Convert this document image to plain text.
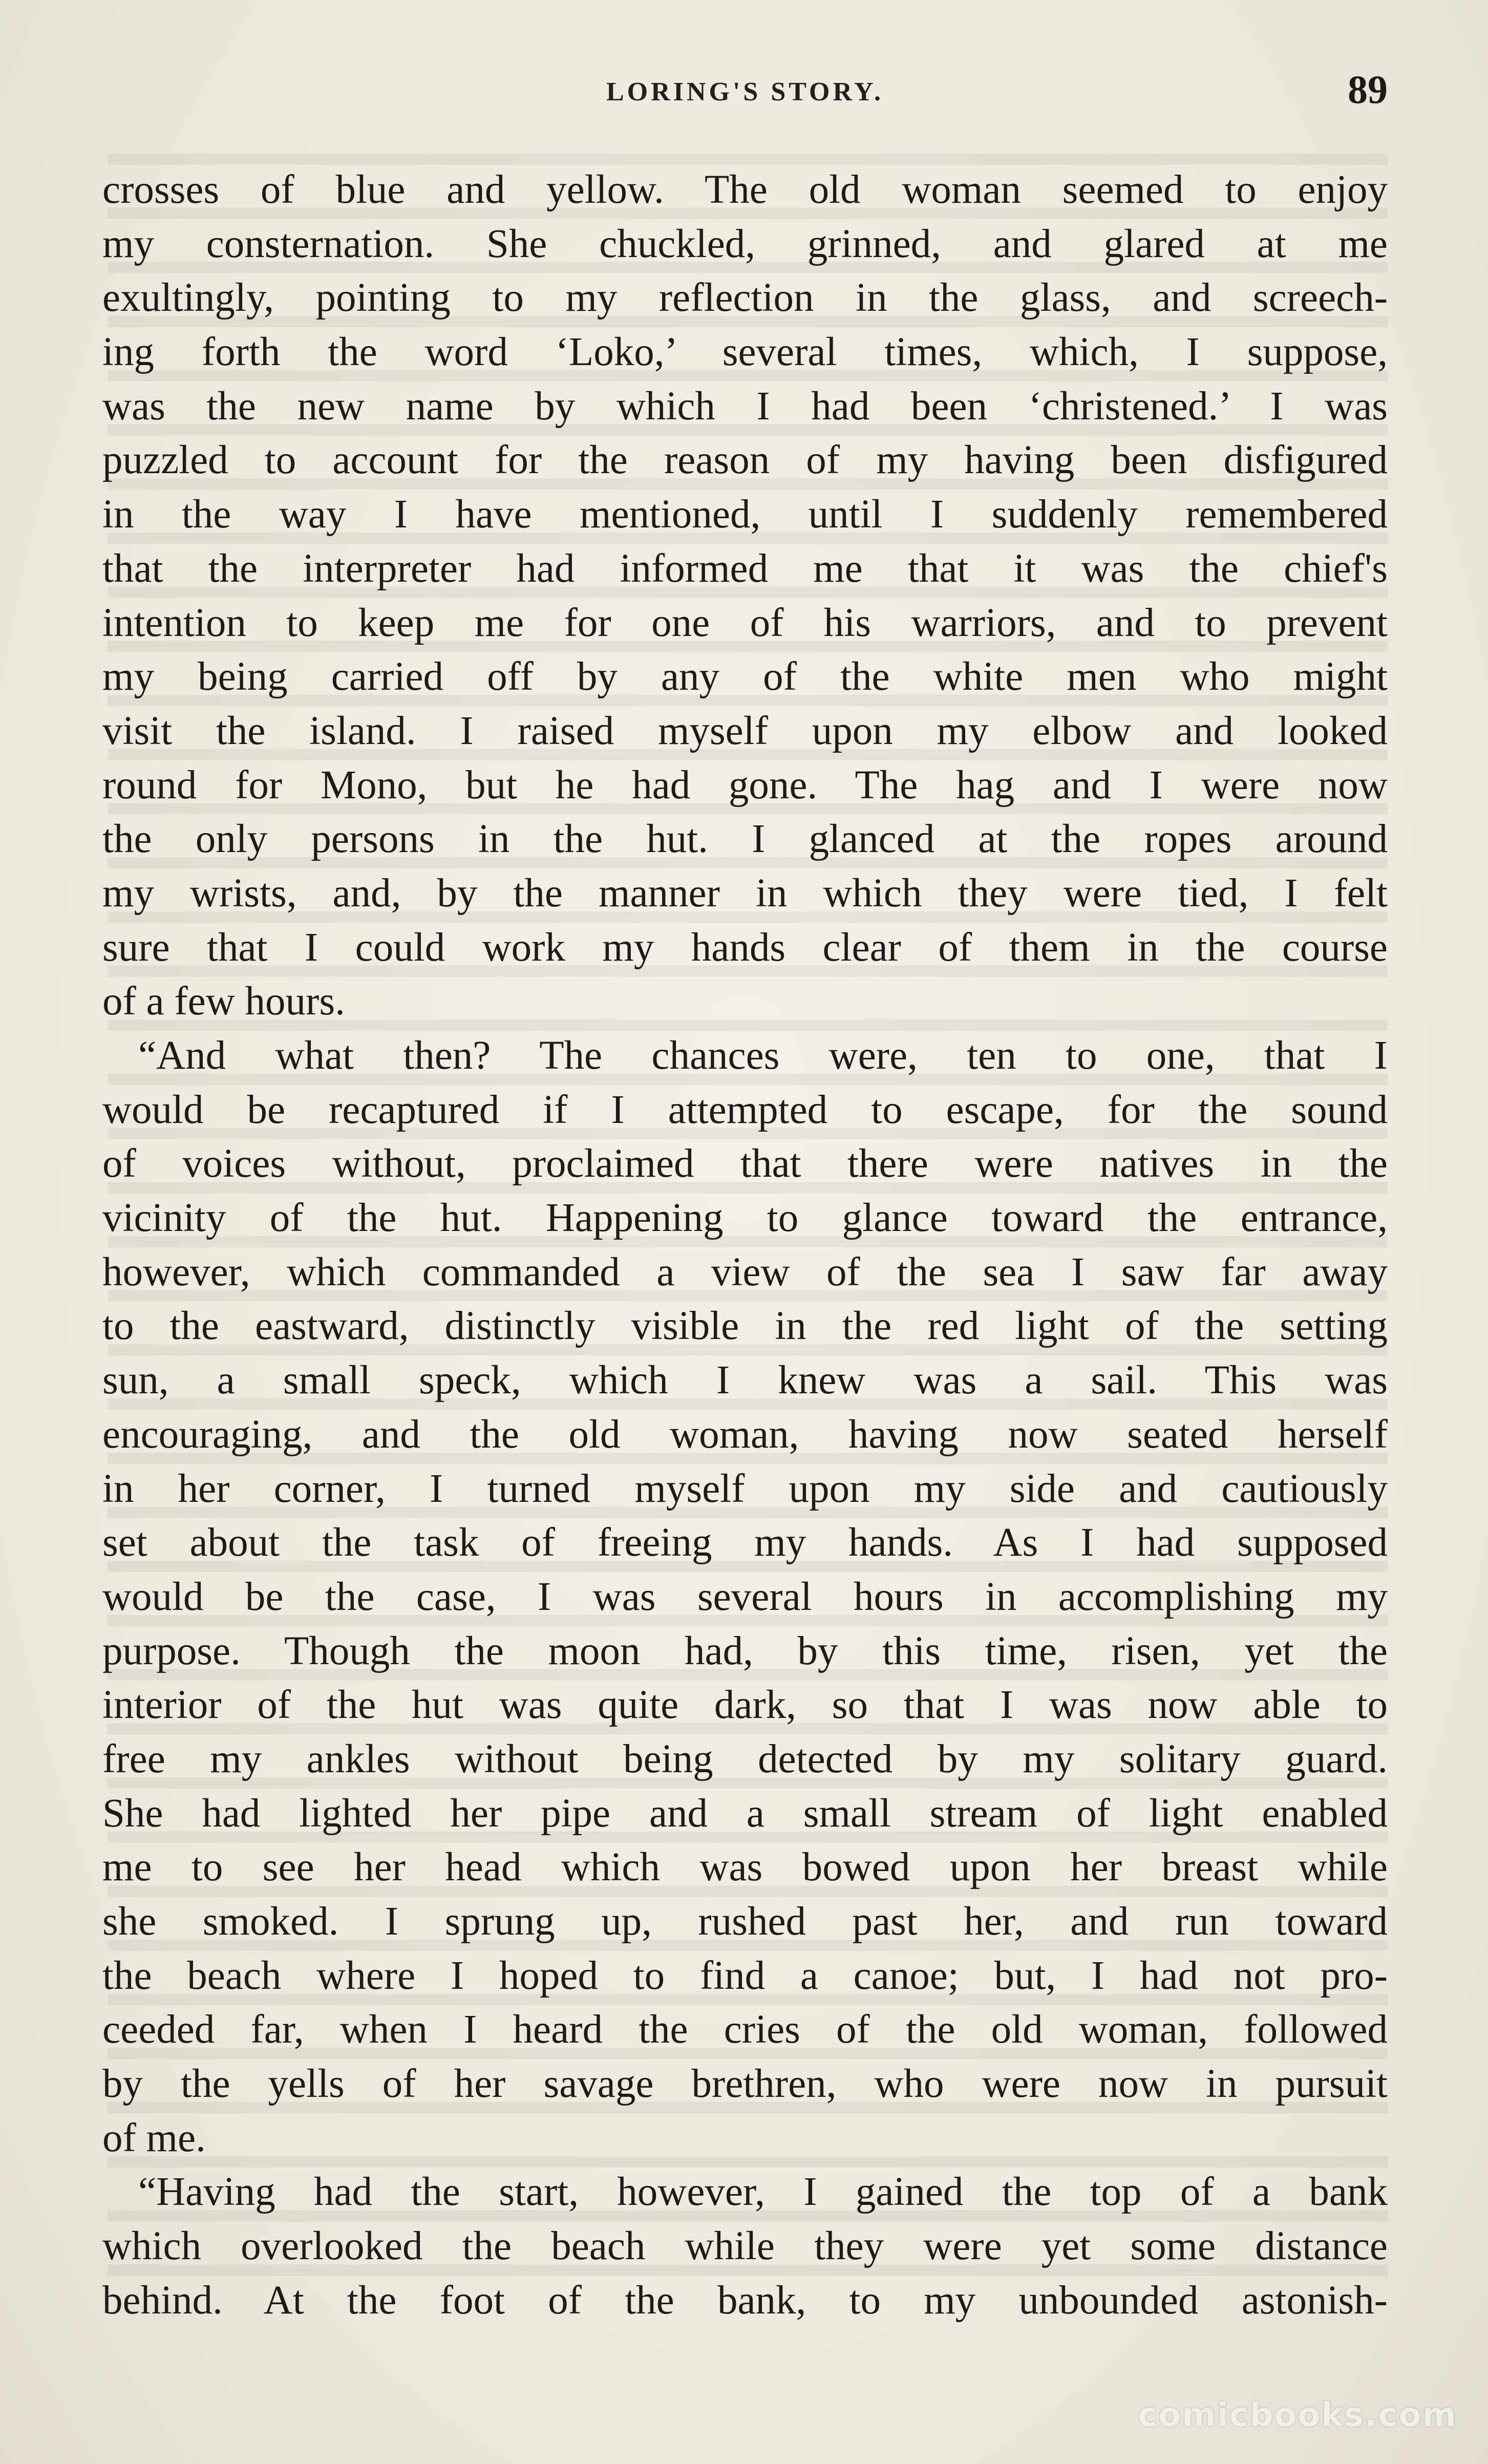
LORING'S STORY.	89
crosses of blue and yellow. The old woman seemed to enjoy
my consternation. She chuckled, grinned, and glared at me
exultingly, pointing to my reflection in the glass, and screech-
ing forth the word ‘Loko,’ several times, which, I suppose,
was the new name by which I had been ‘christened.’ I was
puzzled to account for the reason of my having been disfigured
in the way I have mentioned, until I suddenly remembered
that the interpreter had informed me that it was the chief's
intention to keep me for one of his warriors, and to prevent
my being carried off by any of the white men who might
visit the island. I raised myself upon my elbow and looked
round for Mono, but he had gone. The hag and I were now
the only persons in the hut. I glanced at the ropes around
my wrists, and, by the manner in which they were tied, I felt
sure that I could work my hands clear of them in the course
of a few hours.
“And what then? The chances were, ten to one, that I
would be recaptured if I attempted to escape, for the sound
of voices without, proclaimed that there were natives in the
vicinity of the hut. Happening to glance toward the entrance,
however, which commanded a view of the sea I saw far away
to the eastward, distinctly visible in the red light of the setting
sun, a small speck, which I knew was a sail. This was
encouraging, and the old woman, having now seated herself
in her corner, I turned myself upon my side and cautiously
set about the task of freeing my hands. As I had supposed
would be the case, I was several hours in accomplishing my
purpose. Though the moon had, by this time, risen, yet the
interior of the hut was quite dark, so that I was now able to
free my ankles without being detected by my solitary guard.
She had lighted her pipe and a small stream of light enabled
me to see her head which was bowed upon her breast while
she smoked. I sprung up, rushed past her, and run toward
the beach where I hoped to find a canoe; but, I had not pro-
ceeded far, when I heard the cries of the old woman, followed
by the yells of her savage brethren, who were now in pursuit
of me.
“Having had the start, however, I gained the top of a bank
which overlooked the beach while they were yet some distance
behind. At the foot of the bank, to my unbounded astonish-
comicbooks.com
